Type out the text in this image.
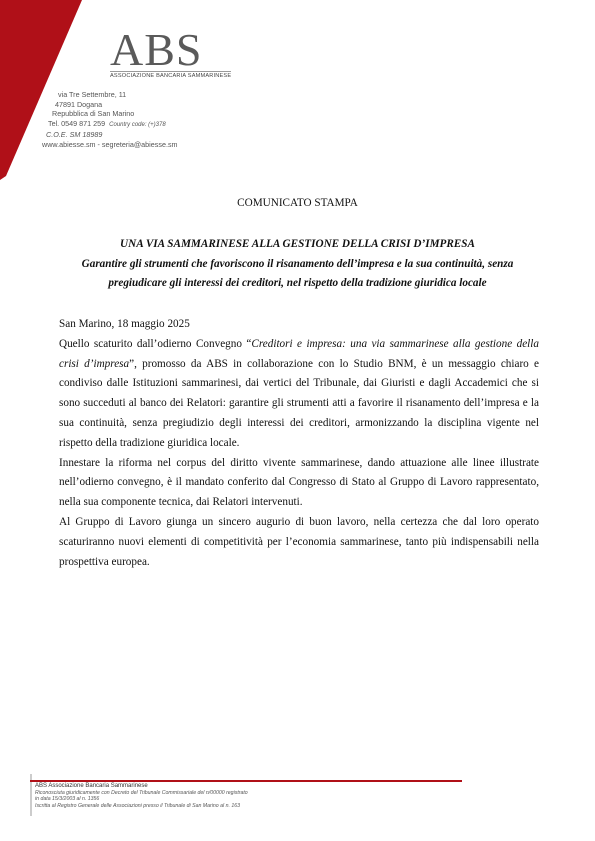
ABS
ASSOCIAZIONE BANCARIA SAMMARINESE
via Tre Settembre, 11
47891 Dogana
Repubblica di San Marino
Tel. 0549 871 259 Country code: (+)378
C.O.E. SM 18989
www.abiesse.sm - segreteria@abiesse.sm
COMUNICATO STAMPA
UNA VIA SAMMARINESE ALLA GESTIONE DELLA CRISI D’IMPRESA
Garantire gli strumenti che favoriscono il risanamento dell’impresa e la sua continuità, senza pregiudicare gli interessi dei creditori, nel rispetto della tradizione giuridica locale

San Marino, 18 maggio 2025

Quello scaturito dall’odierno Convegno “Creditori e impresa: una via sammarinese alla gestione della crisi d’impresa”, promosso da ABS in collaborazione con lo Studio BNM, è un messaggio chiaro e condiviso dalle Istituzioni sammarinesi, dai vertici del Tribunale, dai Giuristi e dagli Accademici che si sono succeduti al banco dei Relatori: garantire gli strumenti atti a favorire il risanamento dell’impresa e la sua continuità, senza pregiudizio degli interessi dei creditori, armonizzando la disciplina vigente nel rispetto della tradizione giuridica locale.

Innestare la riforma nel corpus del diritto vivente sammarinese, dando attuazione alle linee illustrate nell’odierno convegno, è il mandato conferito dal Congresso di Stato al Gruppo di Lavoro rappresentato, nella sua componente tecnica, dai Relatori intervenuti.

Al Gruppo di Lavoro giunga un sincero augurio di buon lavoro, nella certezza che dal loro operato scaturiranno nuovi elementi di competitività per l’economia sammarinese, tanto più indispensabili nella prospettiva europea.

ABS Associazione Bancaria Sammarinese
Riconosciuta giuridicamente con Decreto del Tribunale Commissariale del n/00000 registrato
in data 15/3/2003 al n. 1356
Iscritta al Registro Generale delle Associazioni presso il Tribunale di San Marino al n. 163
